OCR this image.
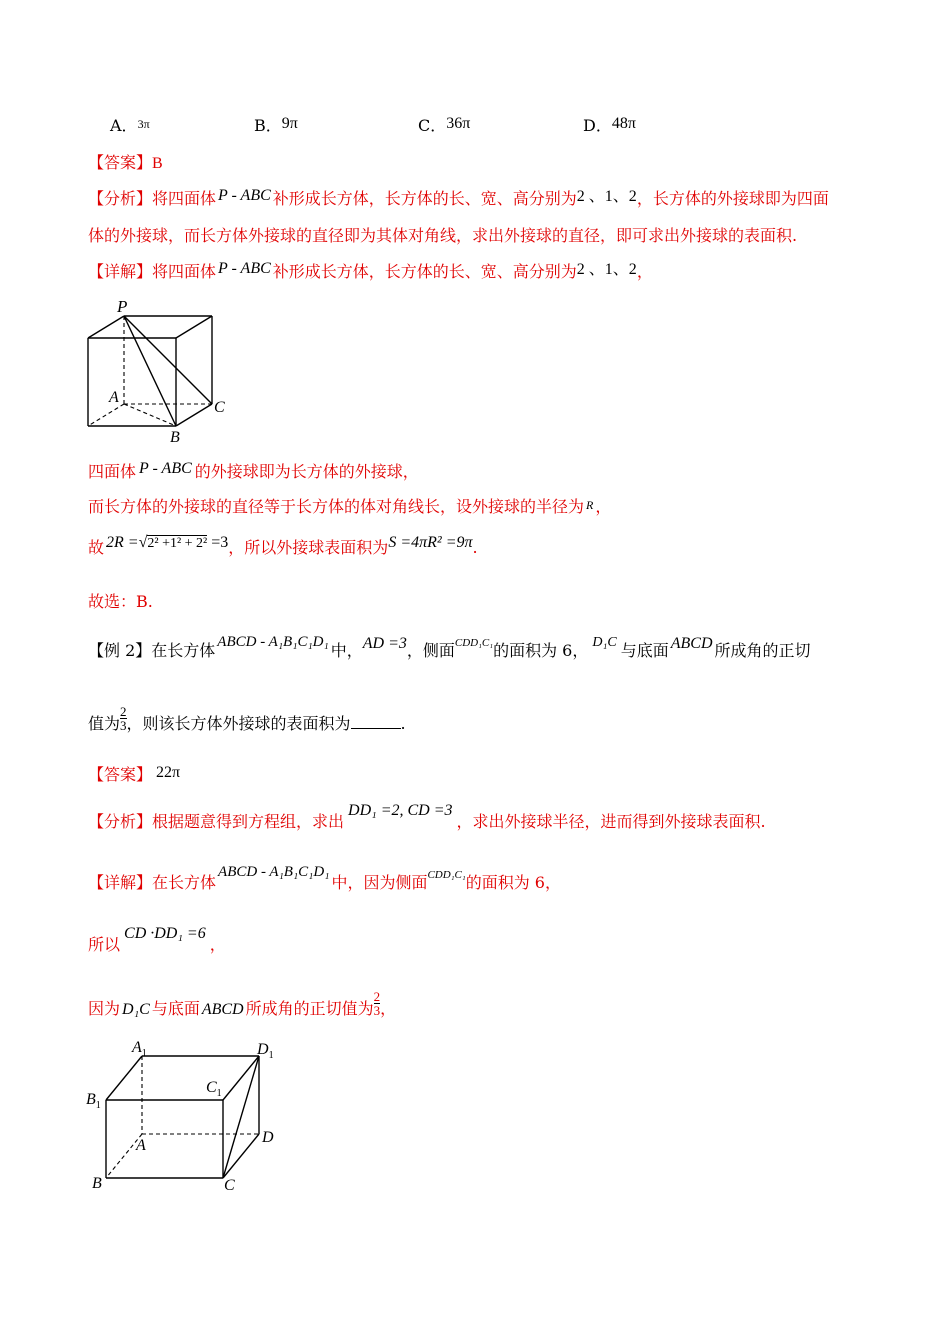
A．3π	B．9π	C．36π	D．48π
【答案】B
【分析】将四面体 P - ABC 补形成长方体，长方体的长、宽、高分别为2 、1、2，长方体的外接球即为四面
体的外接球，而长方体外接球的直径即为其体对角线，求出外接球的直径，即可求出外接球的表面积.
【详解】将四面体 P - ABC 补形成长方体，长方体的长、宽、高分别为2 、1、2，
P
A
B
C
四面体 P - ABC 的外接球即为长方体的外接球，
而长方体的外接球的直径等于长方体的体对角线长，设外接球的半径为 R ，
故 2R =√2² +1² + 2² =3，所以外接球表面积为S =4πR² =9π.
故选：B.
【例 2】在长方体 ABCD - A₁B₁C₁D₁ 中，AD =3，侧面$^{CDD_1C_1}$的面积为 6， D₁C 与底面 ABCD 所成角的正切
值为 $\frac{2}{3}$ ，则该长方体外接球的表面积为	.
【答案】 22π
【分析】根据题意得到方程组，求出DD₁ =2, CD =3，求出外接球半径，进而得到外接球表面积.
【详解】在长方体ABCD - A₁B₁C₁D₁中，因为侧面$^{CDD_1C_1}$的面积为 6，
所以CD ·DD₁ =6，
因为 D₁C 与底面 ABCD 所成角的正切值为 $\frac{2}{3}$ ，
$A_1$	$D_1$
$B_1$
$C_1$
A	D
B	C
